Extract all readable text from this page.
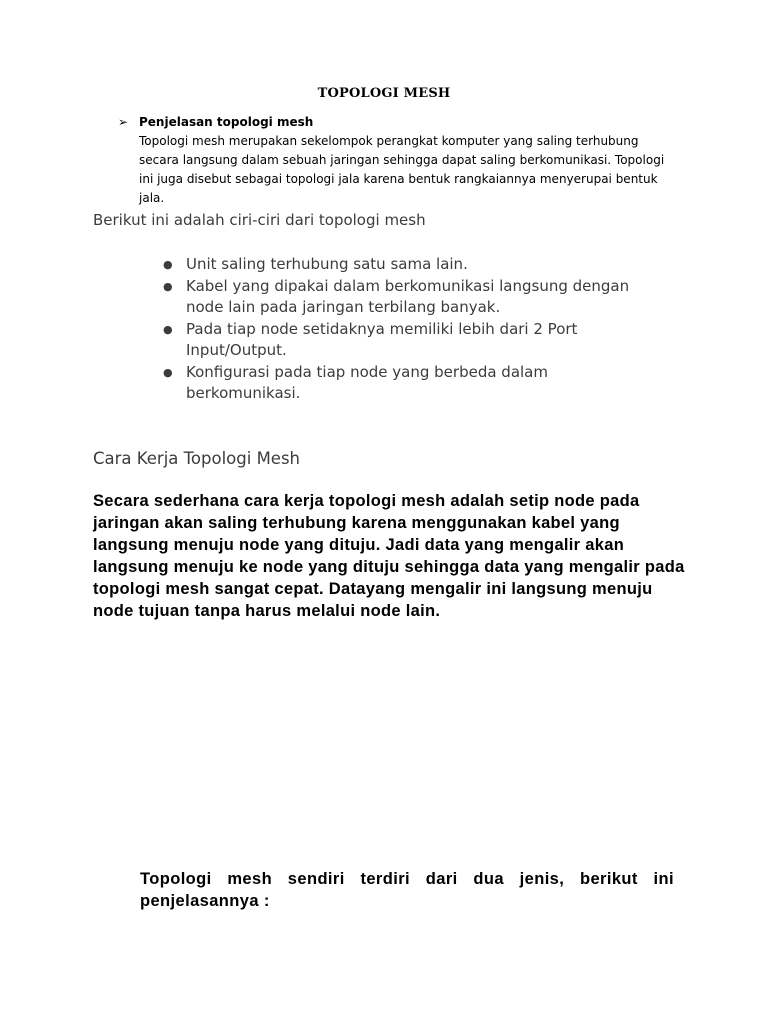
TOPOLOGI MESH
➢ Penjelasan topologi mesh
Topologi mesh merupakan sekelompok perangkat komputer yang saling terhubung secara langsung dalam sebuah jaringan sehingga dapat saling berkomunikasi. Topologi ini juga disebut sebagai topologi jala karena bentuk rangkaiannya menyerupai bentuk jala.
Berikut ini adalah ciri-ciri dari topologi mesh
● Unit saling terhubung satu sama lain.
● Kabel yang dipakai dalam berkomunikasi langsung dengan node lain pada jaringan terbilang banyak.
● Pada tiap node setidaknya memiliki lebih dari 2 Port Input/Output.
● Konfigurasi pada tiap node yang berbeda dalam berkomunikasi.
Cara Kerja Topologi Mesh
Secara sederhana cara kerja topologi mesh adalah setip node pada jaringan akan saling terhubung karena menggunakan kabel yang langsung menuju node yang dituju. Jadi data yang mengalir akan langsung menuju ke node yang dituju sehingga data yang mengalir pada topologi mesh sangat cepat. Datayang mengalir ini langsung menuju node tujuan tanpa harus melalui node lain.
Topologi mesh sendiri terdiri dari dua jenis, berikut ini penjelasannya :
